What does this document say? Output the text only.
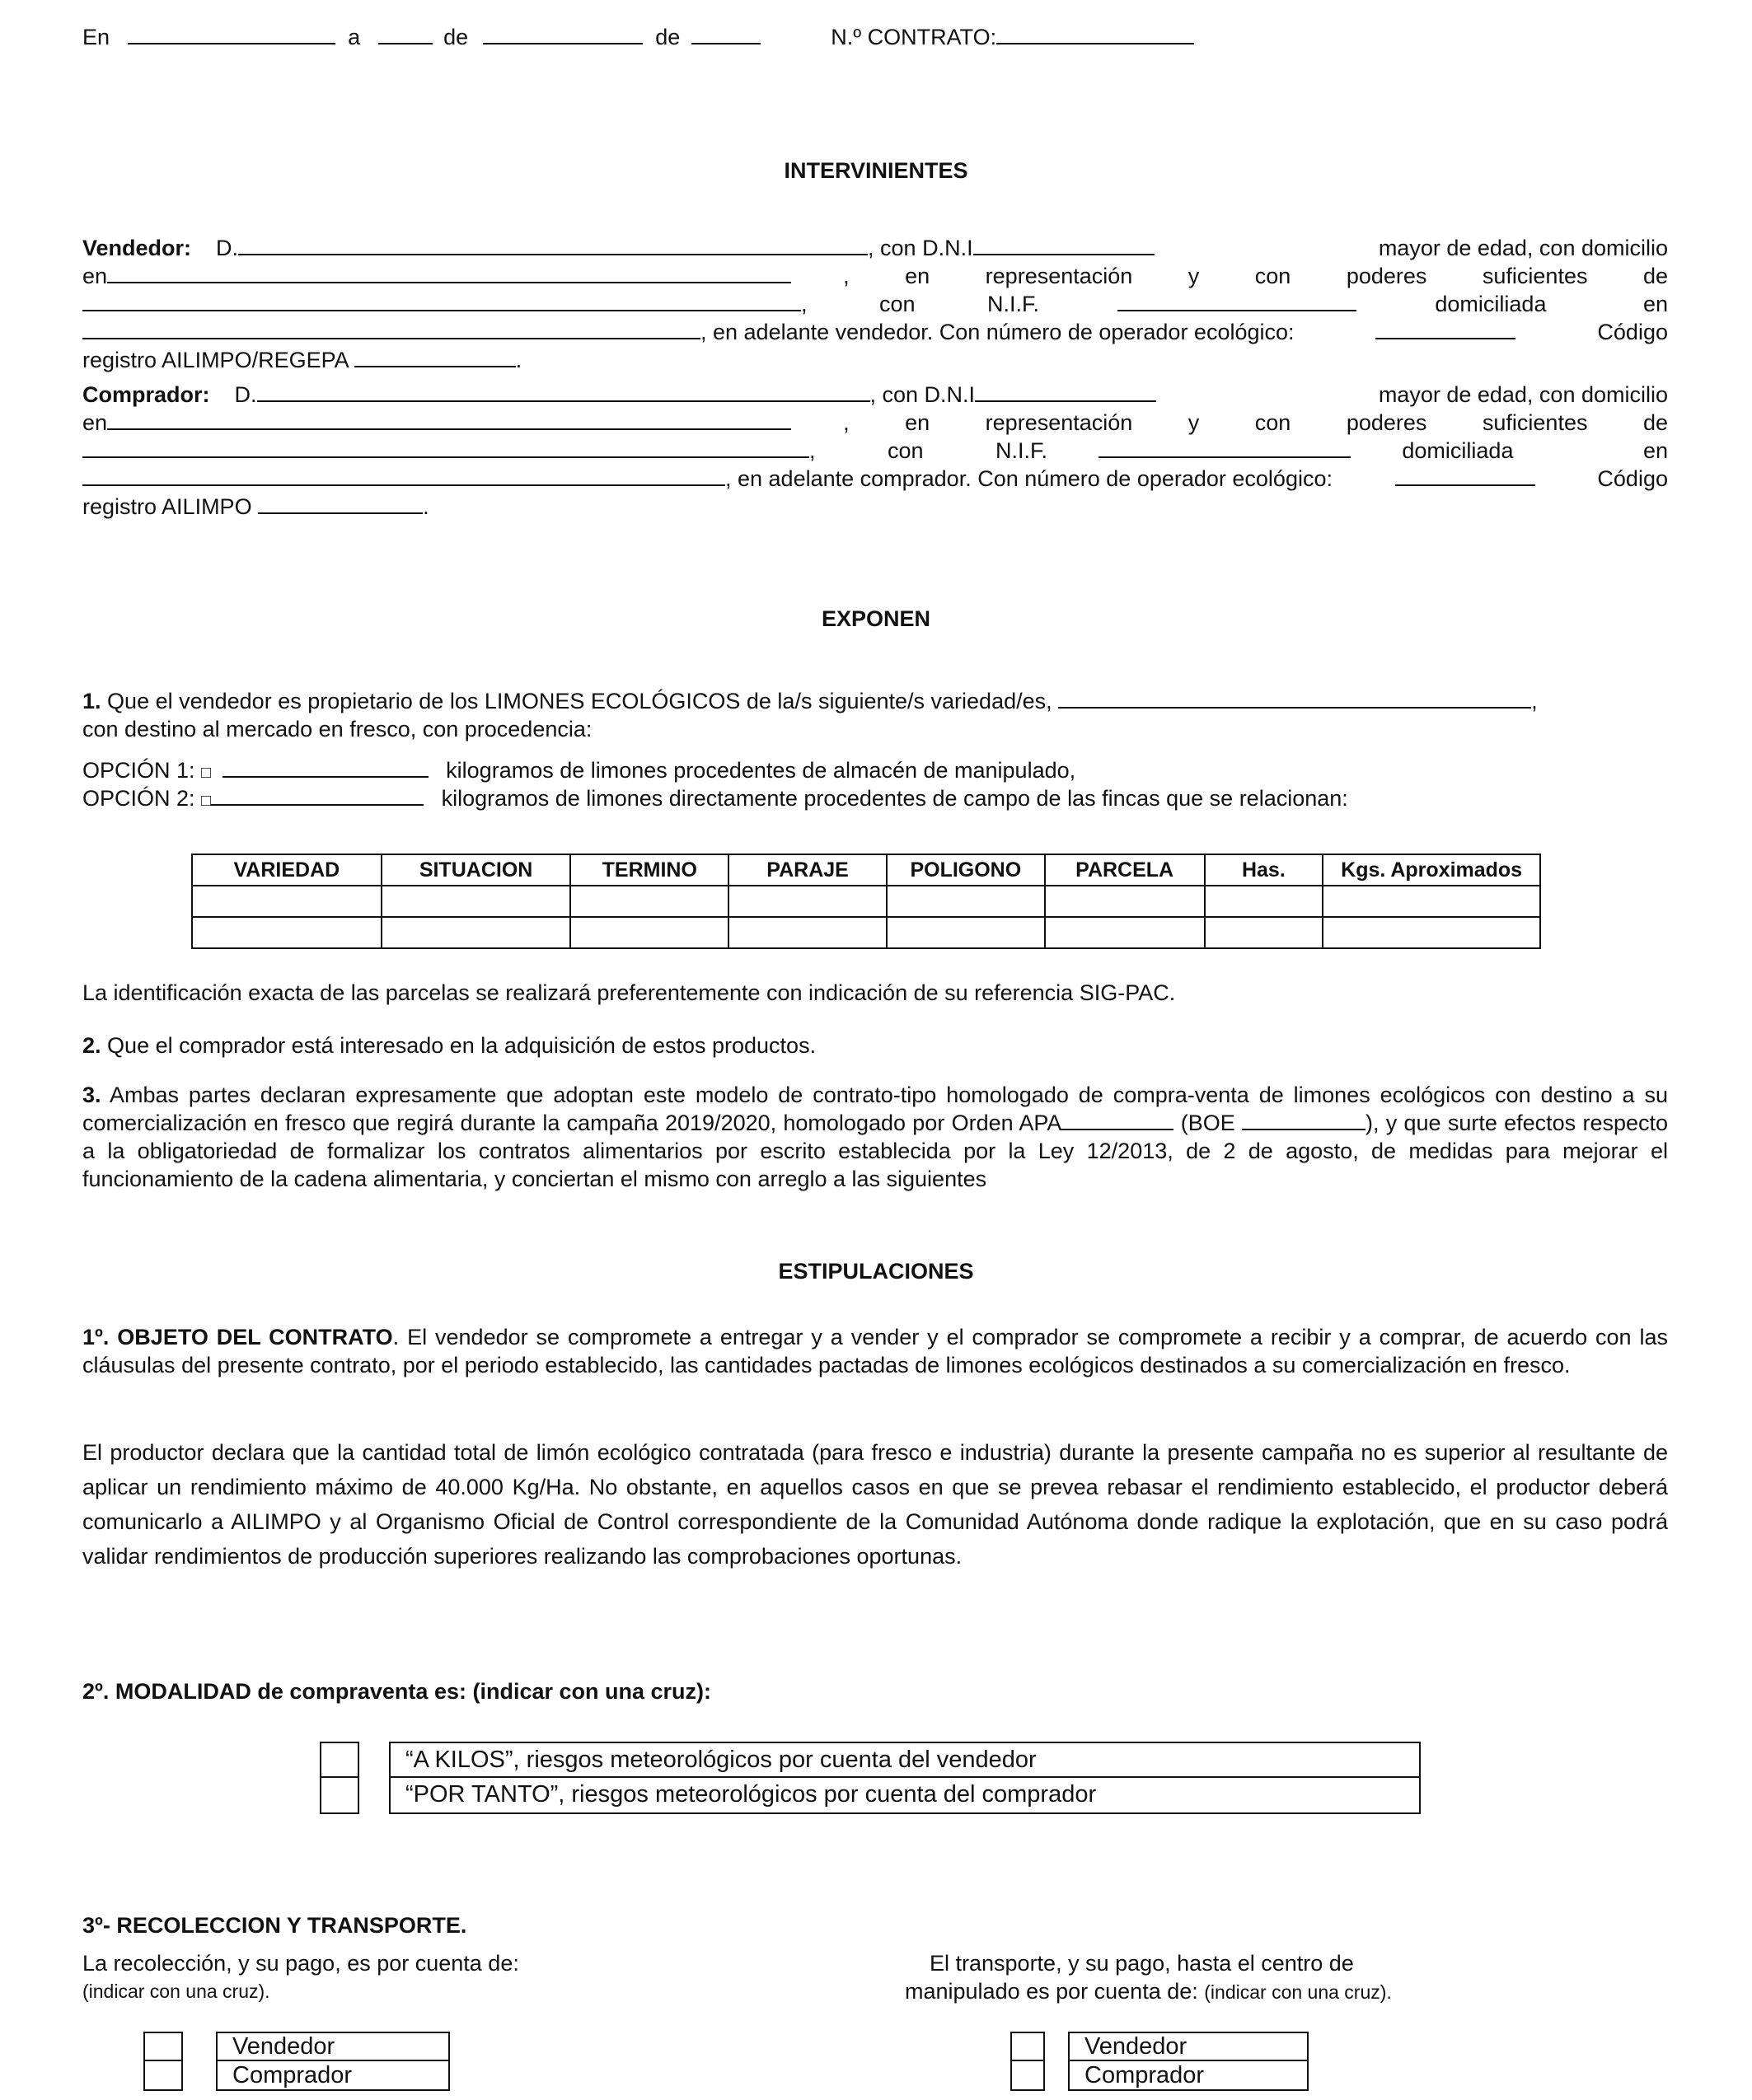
En	a	de	de	N.º CONTRATO:
INTERVINIENTES
Vendedor: D.	, con D.N.I	mayor de edad, con domicilio
en	, en representación y con poderes suficientes de
, con N.I.F.	domiciliada en
, en adelante vendedor. Con número de operador ecológico:	Código
registro AILIMPO/REGEPA	.
Comprador: D.	, con D.N.I	mayor de edad, con domicilio
en	, en representación y con poderes suficientes de
, con N.I.F.	domiciliada en
, en adelante comprador. Con número de operador ecológico:	Código
registro AILIMPO	.
EXPONEN
1. Que el vendedor es propietario de los LIMONES ECOLÓGICOS de la/s siguiente/s variedad/es,	,
con destino al mercado en fresco, con procedencia:
OPCIÓN 1: □	kilogramos de limones procedentes de almacén de manipulado,
OPCIÓN 2: □	kilogramos de limones directamente procedentes de campo de las fincas que se relacionan:
VARIEDAD	SITUACION	TERMINO	PARAJE	POLIGONO	PARCELA	Has.	Kgs. Aproximados

La identificación exacta de las parcelas se realizará preferentemente con indicación de su referencia SIG-PAC.
2. Que el comprador está interesado en la adquisición de estos productos.
3. Ambas partes declaran expresamente que adoptan este modelo de contrato-tipo homologado de compra-venta de limones ecológicos con destino a su comercialización en fresco que regirá durante la campaña 2019/2020, homologado por Orden APA	(BOE	), y que surte efectos respecto a la obligatoriedad de formalizar los contratos alimentarios por escrito establecida por la Ley 12/2013, de 2 de agosto, de medidas para mejorar el funcionamiento de la cadena alimentaria, y conciertan el mismo con arreglo a las siguientes
ESTIPULACIONES
1º. OBJETO DEL CONTRATO. El vendedor se compromete a entregar y a vender y el comprador se compromete a recibir y a comprar, de acuerdo con las cláusulas del presente contrato, por el periodo establecido, las cantidades pactadas de limones ecológicos destinados a su comercialización en fresco.
El productor declara que la cantidad total de limón ecológico contratada (para fresco e industria) durante la presente campaña no es superior al resultante de aplicar un rendimiento máximo de 40.000 Kg/Ha. No obstante, en aquellos casos en que se prevea rebasar el rendimiento establecido, el productor deberá comunicarlo a AILIMPO y al Organismo Oficial de Control correspondiente de la Comunidad Autónoma donde radique la explotación, que en su caso podrá validar rendimientos de producción superiores realizando las comprobaciones oportunas.
2º. MODALIDAD de compraventa es: (indicar con una cruz):
“A KILOS”, riesgos meteorológicos por cuenta del vendedor
“POR TANTO”, riesgos meteorológicos por cuenta del comprador
3º- RECOLECCION Y TRANSPORTE.
La recolección, y su pago, es por cuenta de:
(indicar con una cruz).
El transporte, y su pago, hasta el centro de
manipulado es por cuenta de: (indicar con una cruz).
Vendedor
Comprador
Vendedor
Comprador
